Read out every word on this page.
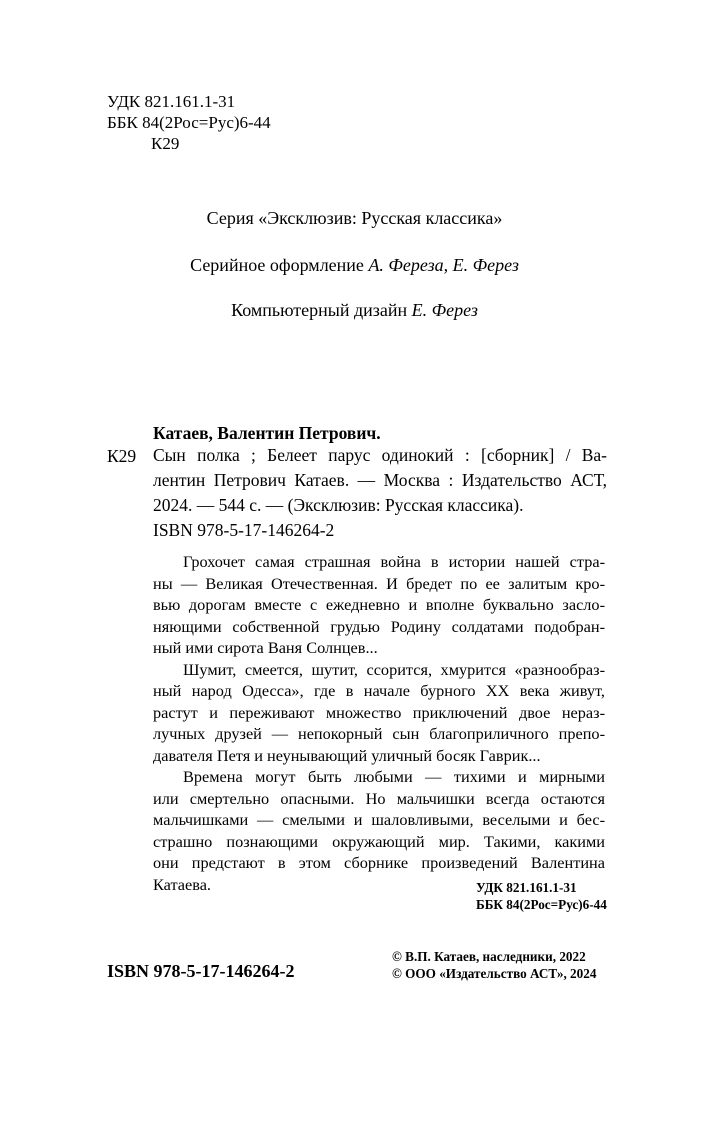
УДК 821.161.1-31
ББК 84(2Рос=Рус)6-44
К29
Серия «Эксклюзив: Русская классика»
Серийное оформление А. Фереза, Е. Ферез
Компьютерный дизайн Е. Ферез
Катаев, Валентин Петрович.
К29 Сын полка ; Белеет парус одинокий : [сборник] / Ва-
лентин Петрович Катаев. — Москва : Издательство АСТ,
2024. — 544 с. — (Эксклюзив: Русская классика).
ISBN 978-5-17-146264-2

Грохочет самая страшная война в истории нашей стра-
ны — Великая Отечественная. И бредет по ее залитым кро-
вью дорогам вместе с ежедневно и вполне буквально засло-
няющими собственной грудью Родину солдатами подобран-
ный ими сирота Ваня Солнцев...

Шумит, смеется, шутит, ссорится, хмурится «разнообраз-
ный народ Одесса», где в начале бурного XX века живут,
растут и переживают множество приключений двое нераз-
лучных друзей — непокорный сын благоприличного препо-
давателя Петя и неунывающий уличный босяк Гаврик...

Времена могут быть любыми — тихими и мирными
или смертельно опасными. Но мальчишки всегда остаются
мальчишками — смелыми и шаловливыми, веселыми и бес-
страшно познающими окружающий мир. Такими, какими
они предстают в этом сборнике произведений Валентина
Катаева.	УДК 821.161.1-31
ББК 84(2Рос=Рус)6-44
ISBN 978-5-17-146264-2
© В.П. Катаев, наследники, 2022
© ООО «Издательство АСТ», 2024
